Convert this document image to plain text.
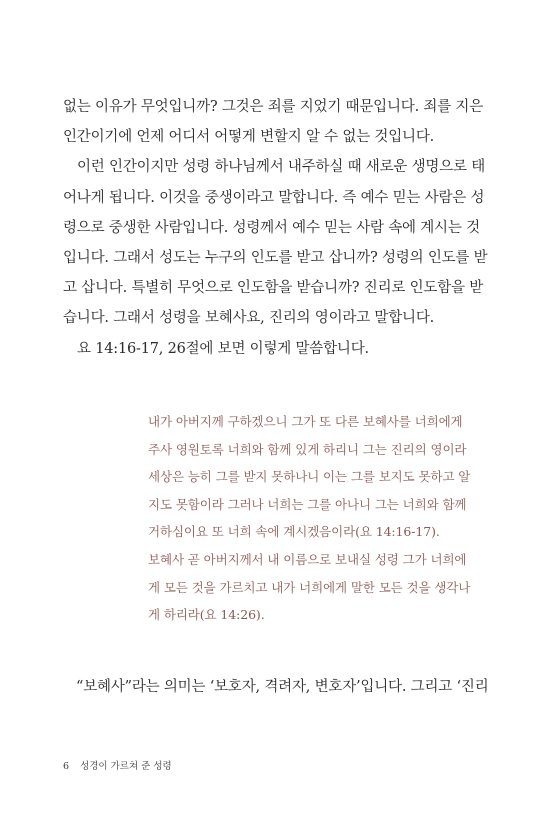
없는 이유가 무엇입니까? 그것은 죄를 지었기 때문입니다. 죄를 지은
인간이기에 언제 어디서 어떻게 변할지 알 수 없는 것입니다.
이런 인간이지만 성령 하나님께서 내주하실 때 새로운 생명으로 태
어나게 됩니다. 이것을 중생이라고 말합니다. 즉 예수 믿는 사람은 성
령으로 중생한 사람입니다. 성령께서 예수 믿는 사람 속에 계시는 것
입니다. 그래서 성도는 누구의 인도를 받고 삽니까? 성령의 인도를 받
고 삽니다. 특별히 무엇으로 인도함을 받습니까? 진리로 인도함을 받
습니다. 그래서 성령을 보혜사요, 진리의 영이라고 말합니다.
요 14:16-17, 26절에 보면 이렇게 말씀합니다.
내가 아버지께 구하겠으니 그가 또 다른 보혜사를 너희에게
주사 영원토록 너희와 함께 있게 하리니 그는 진리의 영이라
세상은 능히 그를 받지 못하나니 이는 그를 보지도 못하고 알
지도 못함이라 그러나 너희는 그를 아나니 그는 너희와 함께
거하심이요 또 너희 속에 계시겠음이라(요 14:16-17).
보혜사 곧 아버지께서 내 이름으로 보내실 성령 그가 너희에
게 모든 것을 가르치고 내가 너희에게 말한 모든 것을 생각나
게 하리라(요 14:26).
“보혜사”라는 의미는 ‘보호자, 격려자, 변호자’입니다. 그리고 ‘진리
6 성경이 가르쳐 준 성령
